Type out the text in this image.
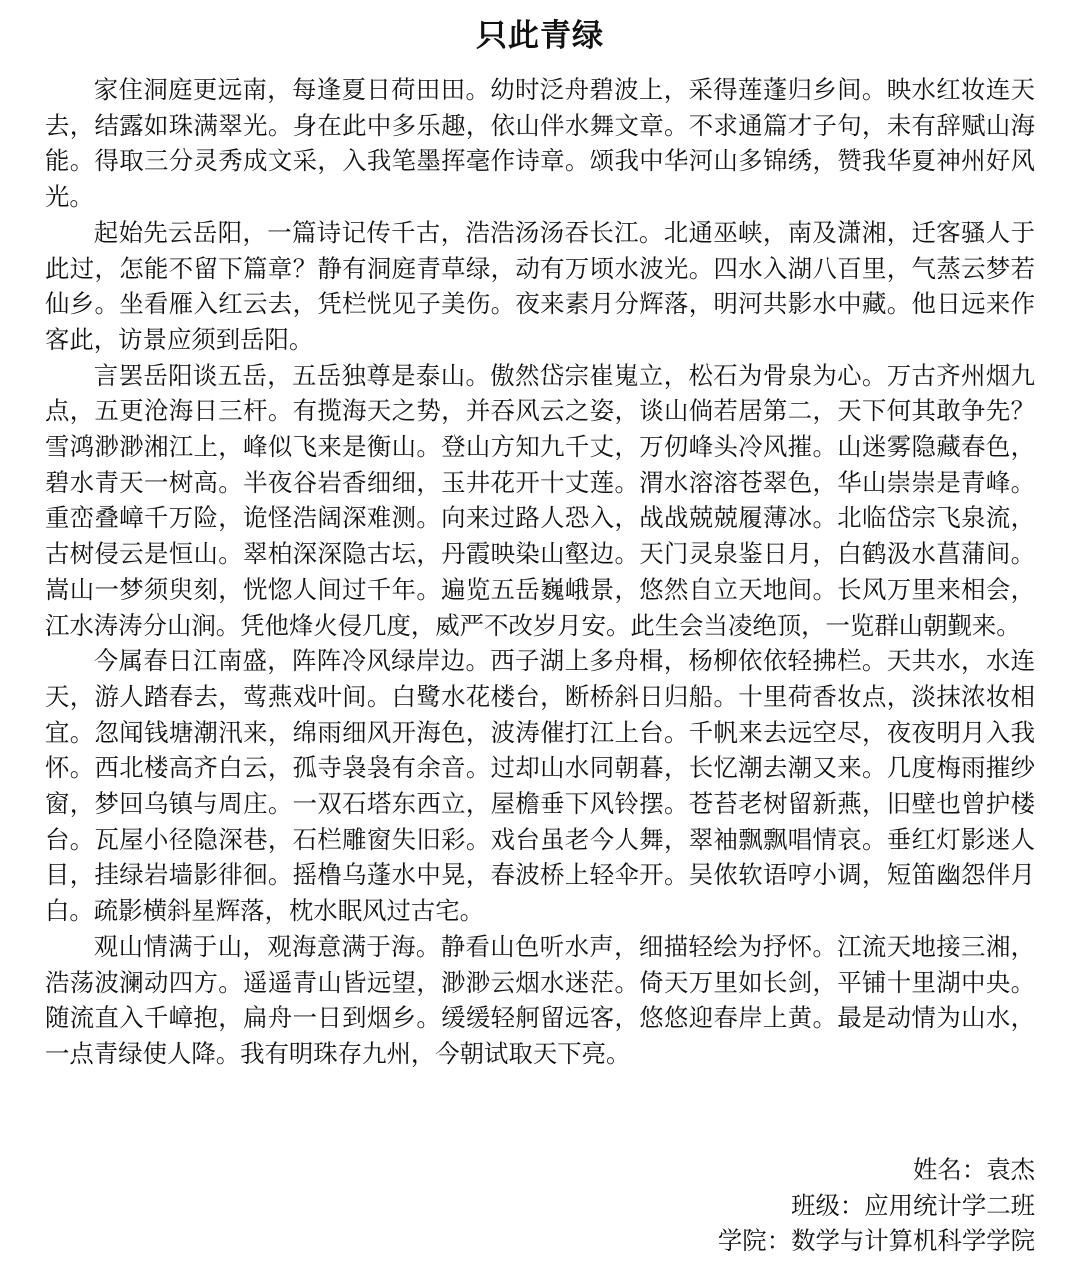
只此青绿

家住洞庭更远南，每逢夏日荷田田。幼时泛舟碧波上，采得莲蓬归乡间。映水红妆连天去，结露如珠满翠光。身在此中多乐趣，依山伴水舞文章。不求通篇才子句，未有辞赋山海能。得取三分灵秀成文采，入我笔墨挥毫作诗章。颂我中华河山多锦绣，赞我华夏神州好风光。

起始先云岳阳，一篇诗记传千古，浩浩汤汤吞长江。北通巫峡，南及潇湘，迁客骚人于此过，怎能不留下篇章？静有洞庭青草绿，动有万顷水波光。四水入湖八百里，气蒸云梦若仙乡。坐看雁入红云去，凭栏恍见子美伤。夜来素月分辉落，明河共影水中藏。他日远来作客此，访景应须到岳阳。

言罢岳阳谈五岳，五岳独尊是泰山。傲然岱宗崔嵬立，松石为骨泉为心。万古齐州烟九点，五更沧海日三杆。有揽海天之势，并吞风云之姿，谈山倘若居第二，天下何其敢争先？雪鸿渺渺湘江上，峰似飞来是衡山。登山方知九千丈，万仞峰头冷风摧。山迷雾隐藏春色，碧水青天一树高。半夜谷岩香细细，玉井花开十丈莲。渭水溶溶苍翠色，华山崇崇是青峰。重峦叠嶂千万险，诡怪浩阔深难测。向来过路人恐入，战战兢兢履薄冰。北临岱宗飞泉流，古树侵云是恒山。翠柏深深隐古坛，丹霞映染山壑边。天门灵泉鉴日月，白鹤汲水菖蒲间。嵩山一梦须臾刻，恍惚人间过千年。遍览五岳巍峨景，悠然自立天地间。长风万里来相会，江水涛涛分山涧。凭他烽火侵几度，威严不改岁月安。此生会当凌绝顶，一览群山朝觐来。

今属春日江南盛，阵阵冷风绿岸边。西子湖上多舟楫，杨柳依依轻拂栏。天共水，水连天，游人踏春去，莺燕戏叶间。白鹭水花楼台，断桥斜日归船。十里荷香妆点，淡抹浓妆相宜。忽闻钱塘潮汛来，绵雨细风开海色，波涛催打江上台。千帆来去远空尽，夜夜明月入我怀。西北楼高齐白云，孤寺袅袅有余音。过却山水同朝暮，长忆潮去潮又来。几度梅雨摧纱窗，梦回乌镇与周庄。一双石塔东西立，屋檐垂下风铃摆。苍苔老树留新燕，旧壁也曾护楼台。瓦屋小径隐深巷，石栏雕窗失旧彩。戏台虽老今人舞，翠袖飘飘唱情哀。垂红灯影迷人目，挂绿岩墙影徘徊。摇橹乌蓬水中晃，春波桥上轻伞开。吴侬软语哼小调，短笛幽怨伴月白。疏影横斜星辉落，枕水眠风过古宅。

观山情满于山，观海意满于海。静看山色听水声，细描轻绘为抒怀。江流天地接三湘，浩荡波澜动四方。遥遥青山皆远望，渺渺云烟水迷茫。倚天万里如长剑，平铺十里湖中央。随流直入千嶂抱，扁舟一日到烟乡。缓缓轻舸留远客，悠悠迎春岸上黄。最是动情为山水，一点青绿使人降。我有明珠存九州，今朝试取天下亮。

姓名：袁杰
班级：应用统计学二班
学院：数学与计算机科学学院
